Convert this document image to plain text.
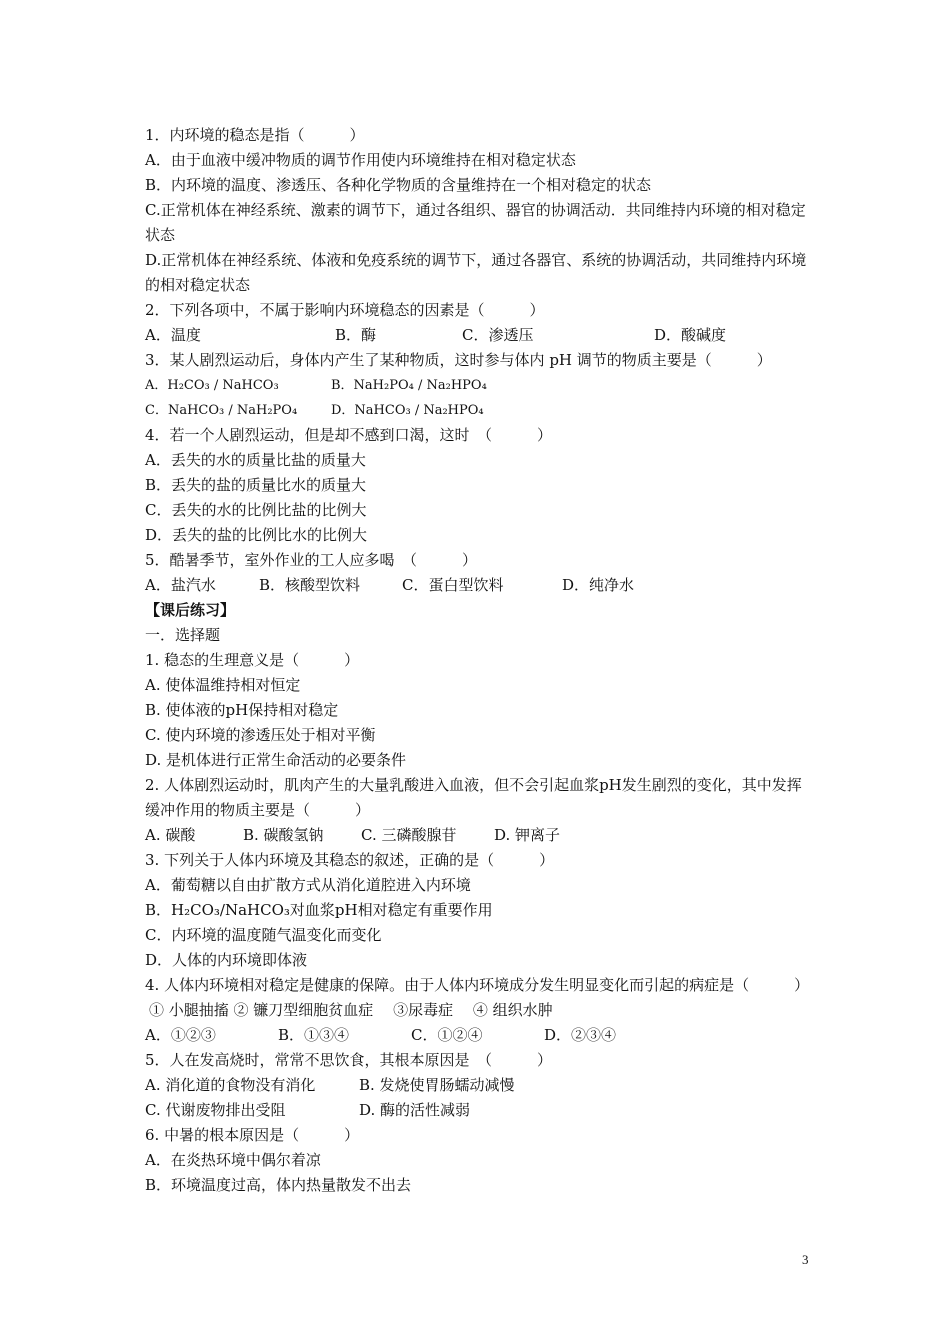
1．内环境的稳态是指（　　　）
A．由于血液中缓冲物质的调节作用使内环境维持在相对稳定状态
B．内环境的温度、渗透压、各种化学物质的含量维持在一个相对稳定的状态
C.正常机体在神经系统、激素的调节下，通过各组织、器官的协调活动．共同维持内环境的相对稳定状态
D.正常机体在神经系统、体液和免疫系统的调节下，通过各器官、系统的协调活动，共同维持内环境的相对稳定状态
2．下列各项中，不属于影响内环境稳态的因素是（　　　）
A．温度	B．酶	C．渗透压	D．酸碱度
3．某人剧烈运动后，身体内产生了某种物质，这时参与体内 pH 调节的物质主要是（　　　）
A．H₂CO₃ / NaHCO₃	B．NaH₂PO₄ / Na₂HPO₄
C．NaHCO₃ / NaH₂PO₄	D．NaHCO₃ / Na₂HPO₄
4．若一个人剧烈运动，但是却不感到口渴，这时　（　　　）
A．丢失的水的质量比盐的质量大
B．丢失的盐的质量比水的质量大
C．丢失的水的比例比盐的比例大
D．丢失的盐的比例比水的比例大
5．酷暑季节，室外作业的工人应多喝　（　　　）
A．盐汽水	B．核酸型饮料	C．蛋白型饮料	D．纯净水
【课后练习】
一．选择题
1. 稳态的生理意义是（　　　）
A. 使体温维持相对恒定
B. 使体液的pH保持相对稳定
C. 使内环境的渗透压处于相对平衡
D. 是机体进行正常生命活动的必要条件
2. 人体剧烈运动时，肌肉产生的大量乳酸进入血液，但不会引起血浆pH发生剧烈的变化，其中发挥缓冲作用的物质主要是（　　　）
A. 碳酸	B. 碳酸氢钠 C. 三磷酸腺苷	D. 钾离子
3. 下列关于人体内环境及其稳态的叙述，正确的是（　　　）
A．葡萄糖以自由扩散方式从消化道腔进入内环境
B．H₂CO₃/NaHCO₃对血浆pH相对稳定有重要作用
C．内环境的温度随气温变化而变化
D．人体的内环境即体液
4. 人体内环境相对稳定是健康的保障。由于人体内环境成分发生明显变化而引起的病症是（　　　）
① 小腿抽搐 ② 镰刀型细胞贫血症　 ③尿毒症　 ④ 组织水肿
A．①②③	B．①③④	C．①②④	D．②③④
5．人在发高烧时，常常不思饮食，其根本原因是　（　　　）
A. 消化道的食物没有消化	B. 发烧使胃肠蠕动减慢
C. 代谢废物排出受阻	D. 酶的活性减弱
6. 中暑的根本原因是（　　　）
A．在炎热环境中偶尔着凉
B．环境温度过高，体内热量散发不出去
3
